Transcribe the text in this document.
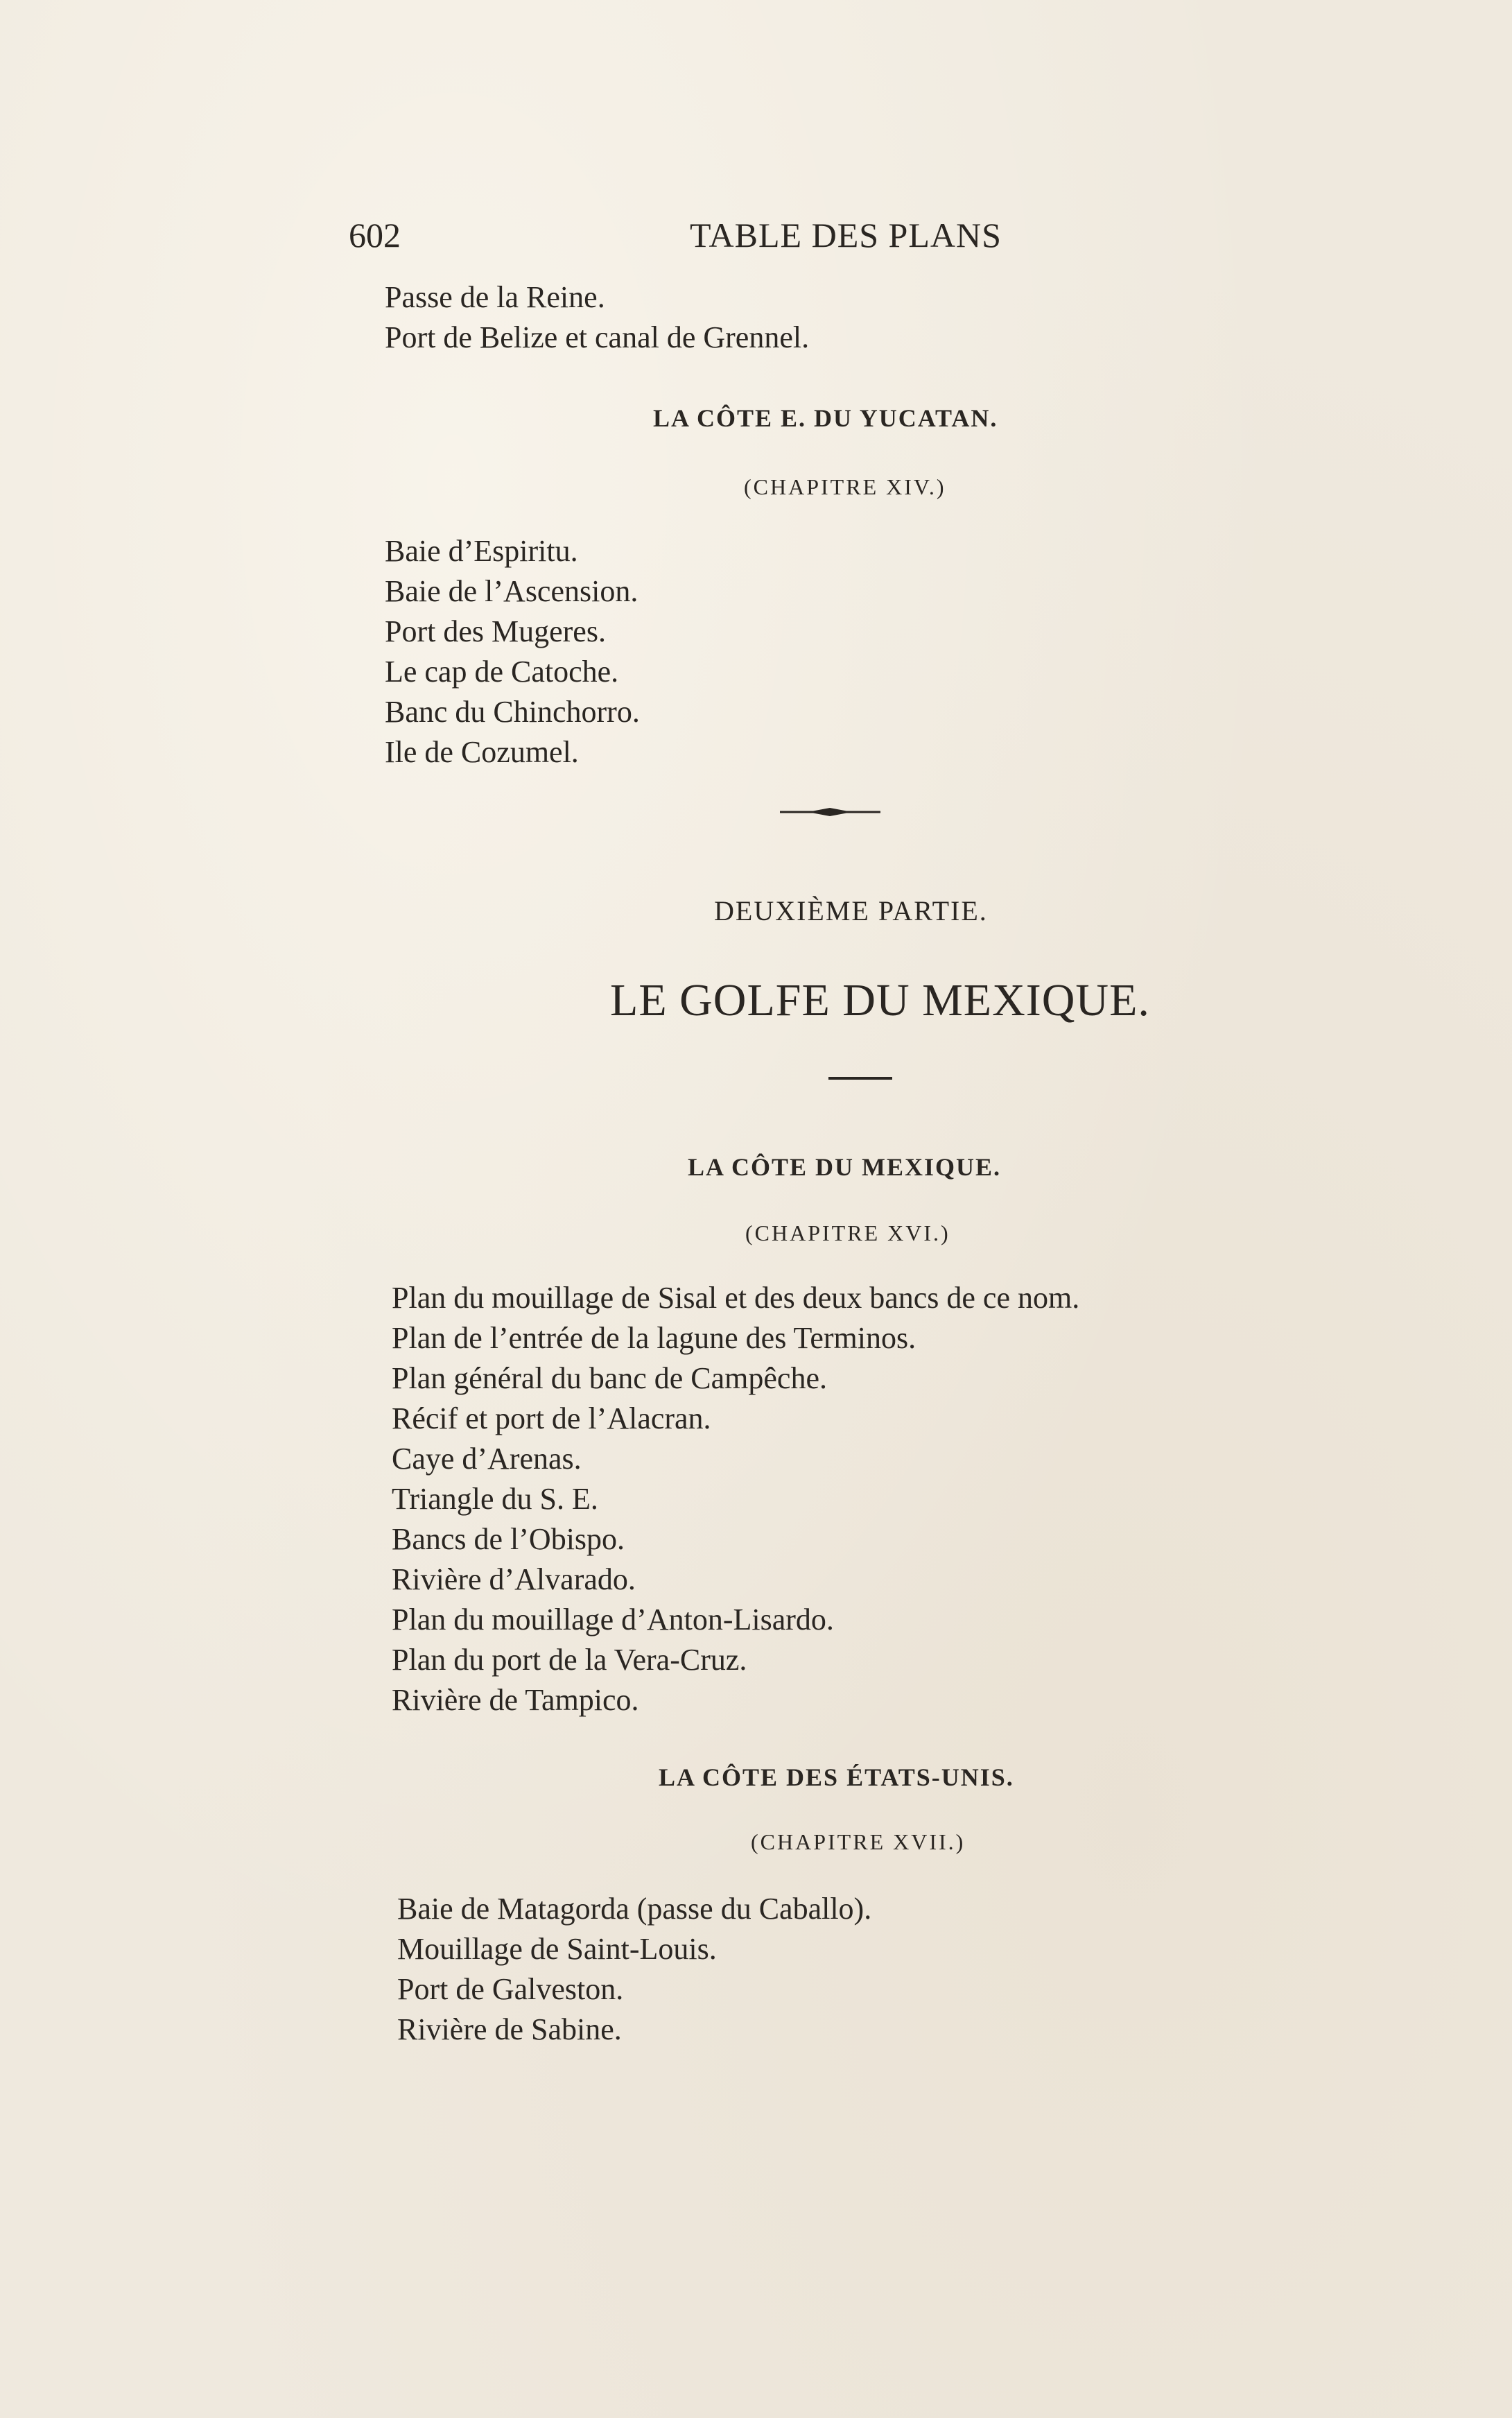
602	TABLE DES PLANS
Passe de la Reine.
Port de Belize et canal de Grennel.
LA CÔTE E. DU YUCATAN.
(CHAPITRE XIV.)
Baie d’Espiritu.
Baie de l’Ascension.
Port des Mugeres.
Le cap de Catoche.
Banc du Chinchorro.
Ile de Cozumel.
DEUXIÈME PARTIE.
LE GOLFE DU MEXIQUE.
LA CÔTE DU MEXIQUE.
(CHAPITRE XVI.)
Plan du mouillage de Sisal et des deux bancs de ce nom.
Plan de l’entrée de la lagune des Terminos.
Plan général du banc de Campêche.
Récif et port de l’Alacran.
Caye d’Arenas.
Triangle du S. E.
Bancs de l’Obispo.
Rivière d’Alvarado.
Plan du mouillage d’Anton-Lisardo.
Plan du port de la Vera-Cruz.
Rivière de Tampico.
LA CÔTE DES ÉTATS-UNIS.
(CHAPITRE XVII.)
Baie de Matagorda (passe du Caballo).
Mouillage de Saint-Louis.
Port de Galveston.
Rivière de Sabine.
